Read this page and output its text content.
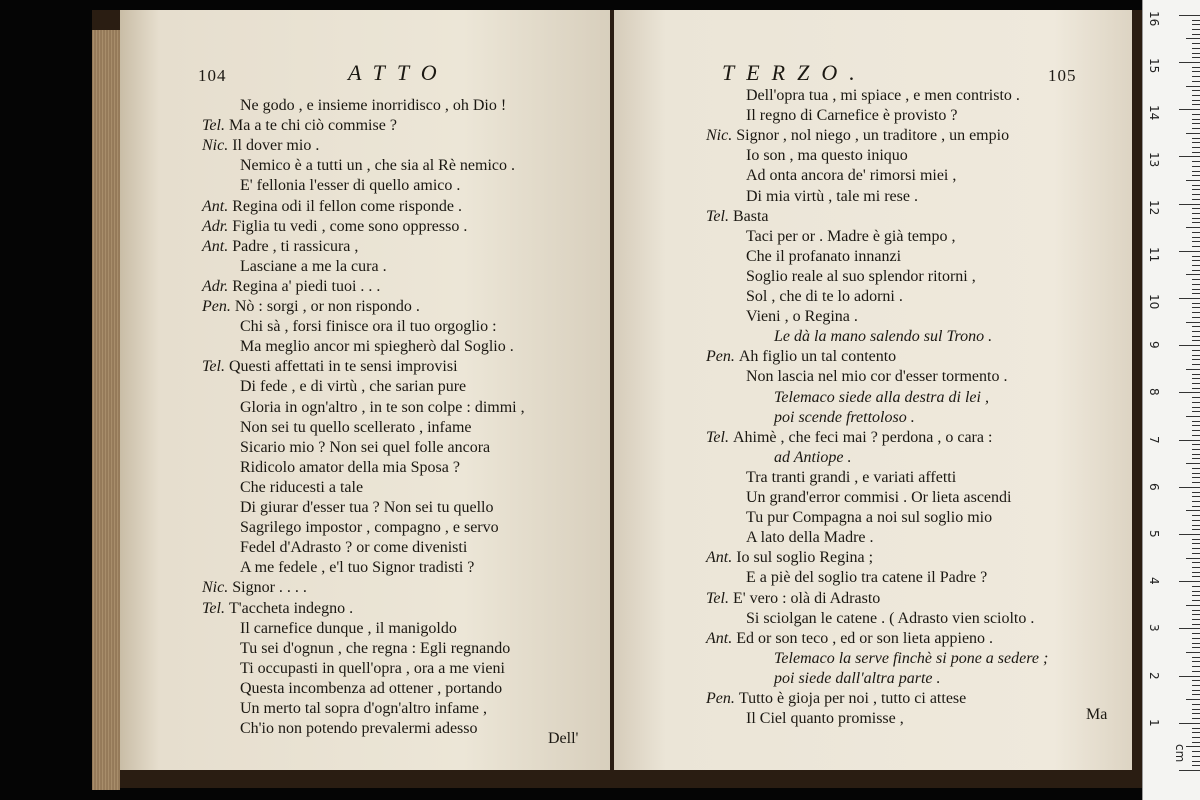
104	ATTO
Ne godo , e insieme inorridisco , oh Dio !
Tel. Ma a te chi ciò commise ?
Nic. Il dover mio .
Nemico è a tutti un , che sia al Rè nemico .
E' fellonia l'esser di quello amico .
Ant. Regina odi il fellon come risponde .
Adr. Figlia tu vedi , come sono oppresso .
Ant. Padre , ti rassicura ,
Lasciane a me la cura .
Adr. Regina a' piedi tuoi . . .
Pen. Nò : sorgi , or non rispondo .
Chi sà , forsi finisce ora il tuo orgoglio :
Ma meglio ancor mi spiegherò dal Soglio .
Tel. Questi affettati in te sensi improvisi
Di fede , e di virtù , che sarian pure
Gloria in ogn'altro , in te son colpe : dimmi ,
Non sei tu quello scellerato , infame
Sicario mio ? Non sei quel folle ancora
Ridicolo amator della mia Sposa ?
Che riducesti a tale
Di giurar d'esser tua ? Non sei tu quello
Sagrilego impostor , compagno , e servo
Fedel d'Adrasto ? or come divenisti
A me fedele , e'l tuo Signor tradisti ?
Nic. Signor . . . .
Tel. T'accheta indegno .
Il carnefice dunque , il manigoldo
Tu sei d'ognun , che regna : Egli regnando
Ti occupasti in quell'opra , ora a me vieni
Questa incombenza ad ottener , portando
Un merto tal sopra d'ogn'altro infame ,
Ch'io non potendo prevalermi adesso
Dell'
TERZO.	105
Dell'opra tua , mi spiace , e men contristo .
Il regno di Carnefice è provisto ?
Nic. Signor , nol niego , un traditore , un empio
Io son , ma questo iniquo
Ad onta ancora de' rimorsi miei ,
Di mia virtù , tale mi rese .
Tel. Basta
Taci per or . Madre è già tempo ,
Che il profanato innanzi
Soglio reale al suo splendor ritorni ,
Sol , che di te lo adorni .
Vieni , o Regina .
Le dà la mano salendo sul Trono .
Pen. Ah figlio un tal contento
Non lascia nel mio cor d'esser tormento .
Telemaco siede alla destra di lei ,
poi scende frettoloso .
Tel. Ahimè , che feci mai ? perdona , o cara :
ad Antiope .
Tra tranti grandi , e variati affetti
Un grand'error commisi . Or lieta ascendi
Tu pur Compagna a noi sul soglio mio
A lato della Madre .
Ant. Io sul soglio Regina ;
E a piè del soglio tra catene il Padre ?
Tel. E' vero : olà di Adrasto
Si sciolgan le catene . ( Adrasto vien sciolto .
Ant. Ed or son teco , ed or son lieta appieno .
Telemaco la serve finchè si pone a sedere ;
poi siede dall'altra parte .
Pen. Tutto è gioja per noi , tutto ci attese
Il Ciel quanto promisse ,	Ma	1
2
3
4
5
6
7
8
9
10
11
12
13
14
15
16
cm
